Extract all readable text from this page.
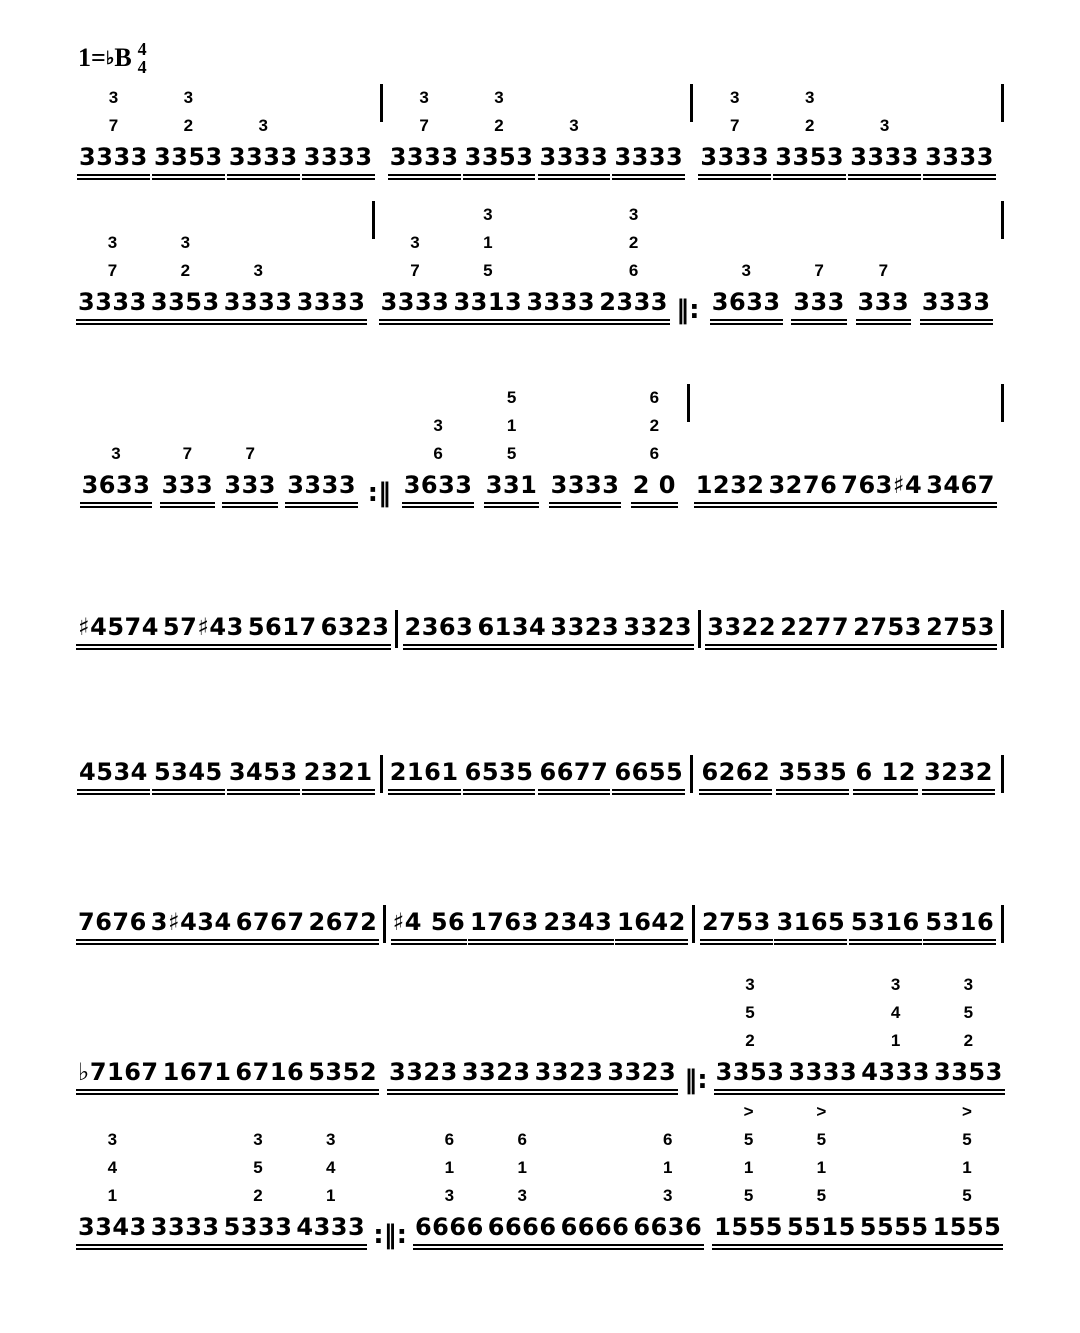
1= ♭ B 4
4
3
7
3333
3
2
3353
3
3333 3333
3
7
3333
3
2
3353
3
3333 3333
3
7
3333
3
2
3353
3
3333 3333
3
7
3333
3
2
3353
3
3333 3333
3
7
3333
3
1
5
3313 3333
3
2
6
2333 ‖:
3
3633
7
333
7
333 3333
3
3633
7
333
7
333 3333 :‖
3
6
3633
5
1
5
331 3333
6
2
6
2 0 1232 3276 763♯4 3467
♯4574 57♯43 5617 6323 2363 6134 3323 3323 3322 2277 2753 2753
4534 5345 3453 2321 2161 6535 6677 6655 6262 3535 6 12 3232
7676 3♯434 6767 2672 ♯4 56 1763 2343 1642 2753 3165 5316 5316
♭7167 1671 6716 5352 3323 3323 3323 3323 ‖:
3
5
2
3353 3333
3
4
1
4333
3
5
2
3353
3
4
1
3343 3333
3
5
2
5333
3
4
1
4333 :‖:
6
1
3
6666
6
1
3
6666 6666
6
1
3
6636
>
5
1
5
1555
>
5
1
5
5515 5555
>
5
1
5
1555
